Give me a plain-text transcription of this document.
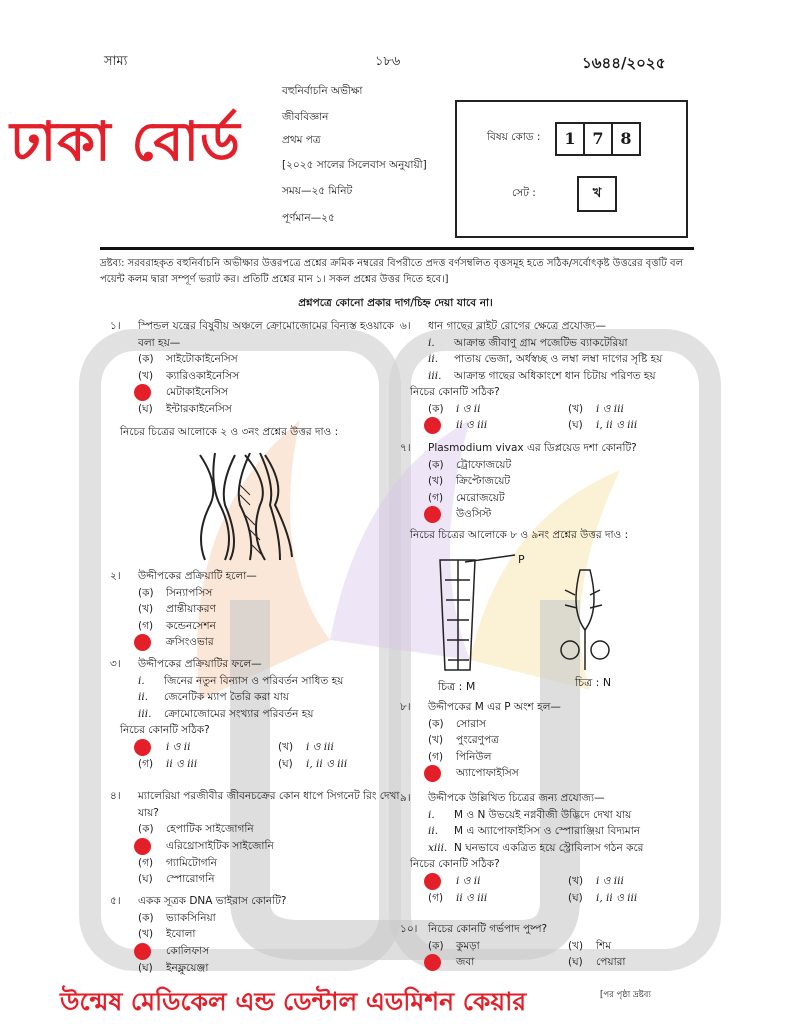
সাম্য	১৮৬	১৬৪৪/২০২৫
ঢাকা বোর্ড
বহুনির্বাচনি অভীক্ষা
জীববিজ্ঞান
প্রথম পত্র
[২০২৫ সালের সিলেবাস অনুযায়ী]
সময়—২৫ মিনিট
পূর্ণমান—২৫
বিষয় কোড :	1	7	8
সেট :	খ
দ্রষ্টব্য: সরবরাহকৃত বহুনির্বাচনি অভীক্ষার উত্তরপত্রে প্রশ্নের ক্রমিক নম্বরের বিপরীতে প্রদত্ত বর্ণসম্বলিত বৃত্তসমূহ হতে সঠিক/সর্বোৎকৃষ্ট উত্তরের বৃত্তটি বল পয়েন্ট কলম দ্বারা সম্পূর্ণ ভরাট কর। প্রতিটি প্রশ্নের মান ১। সকল প্রশ্নের উত্তর দিতে হবে।]
প্রশ্নপত্রে কোনো প্রকার দাগ/চিহ্ন দেয়া যাবে না।
১।	স্পিন্ডল যন্ত্রের বিষুবীয় অঞ্চলে ক্রোমোজোমের বিন্যস্ত হওয়াকে বলা হয়—
(ক)	সাইটোকাইনেসিস
(খ)	ক্যারিওকাইনেসিস
মেটাকাইনেসিস
(ঘ)	ইন্টারকাইনেসিস
নিচের চিত্রের আলোকে ২ ও ৩নং প্রশ্নের উত্তর দাও :
২।	উদ্দীপকের প্রক্রিয়াটি হলো—
(ক)	সিন্যাপসিস
(খ)	প্রান্তীয়াকরণ
(গ)	কন্ডেনসেশন
ক্রসিংওভার
৩।	উদ্দীপকের প্রক্রিয়াটির ফলে—
i.	জিনের নতুন বিন্যাস ও পরিবর্তন সাধিত হয়
ii.	জেনেটিক ম্যাপ তৈরি করা যায়
iii.	ক্রোমোজোমের সংখ্যার পরিবর্তন হয়
নিচের কোনটি সঠিক?
i ও ii	(খ)	i ও iii
(গ)	ii ও iii	(ঘ)	i, ii ও iii
৪।	ম্যালেরিয়া পরজীবীর জীবনচক্রের কোন ধাপে সিগনেট রিং দেখা যায়?
(ক)	হেপাটিক সাইজোগনি
এরিথ্রোসাইটিক সাইজোনি
(গ)	গ্যামিটোগনি
(ঘ)	স্পোরোগনি
৫।	একক সূত্রক DNA ভাইরাস কোনটি?
(ক)	ভ্যাকসিনিয়া
(খ)	ইবোলা
কোলিফাস
(ঘ)	ইনফ্লুয়েঞ্জা
৬।	ধান গাছের ব্লাইট রোগের ক্ষেত্রে প্রযোজ্য—
i.	আক্রান্ত জীবাণু গ্রাম পজেটিভ ব্যাকটেরিয়া
ii.	পাতায় ভেজা, অর্ধস্বচ্ছ ও লম্বা লম্বা দাগের সৃষ্টি হয়
iii.	আক্রান্ত গাছের অধিকাংশে ধান চিটায় পরিণত হয়
নিচের কোনটি সঠিক?
(ক)	i ও ii	(খ)	i ও iii
ii ও iii	(ঘ)	i, ii ও iii
৭।	Plasmodium vivax এর ডিপ্লয়েড দশা কোনটি?
(ক)	ট্রোফোজয়েট
(খ)	ক্রিপ্টোজয়েট
(গ)	মেরোজয়েট
উওসিস্ট
নিচের চিত্রের আলোকে ৮ ও ৯নং প্রশ্নের উত্তর দাও :
৮।	উদ্দীপকের M এর P অংশ হল—
(ক)	সোরাস
(খ)	পুংরেণুপত্র
(গ)	পিনিউল
অ্যাপোফাইসিস
৯।	উদ্দীপকে উল্লিখিত চিত্রের জন্য প্রযোজ্য—
i.	M ও N উভয়েই নগ্নবীজী উদ্ভিদে দেখা যায়
ii.	M এ অ্যাপোফাইসিস ও স্পোরাঞ্জিয়া বিদ্যমান
xiii. N ঘনভাবে একত্রিত হয়ে স্ট্রোবিলাস গঠন করে
নিচের কোনটি সঠিক?
i ও ii	(খ)	i ও iii
(গ)	ii ও iii	(ঘ)	i, ii ও iii
১০।	নিচের কোনটি গর্ভপাদ পুষ্প?
(ক)	কুমড়া	(খ)	শিম
জবা	(ঘ)	পেয়ারা
P
চিত্র : M	চিত্র : N
উন্মেষ মেডিকেল এন্ড ডেন্টাল এডমিশন কেয়ার	[পর পৃষ্ঠা দ্রষ্টব্য
